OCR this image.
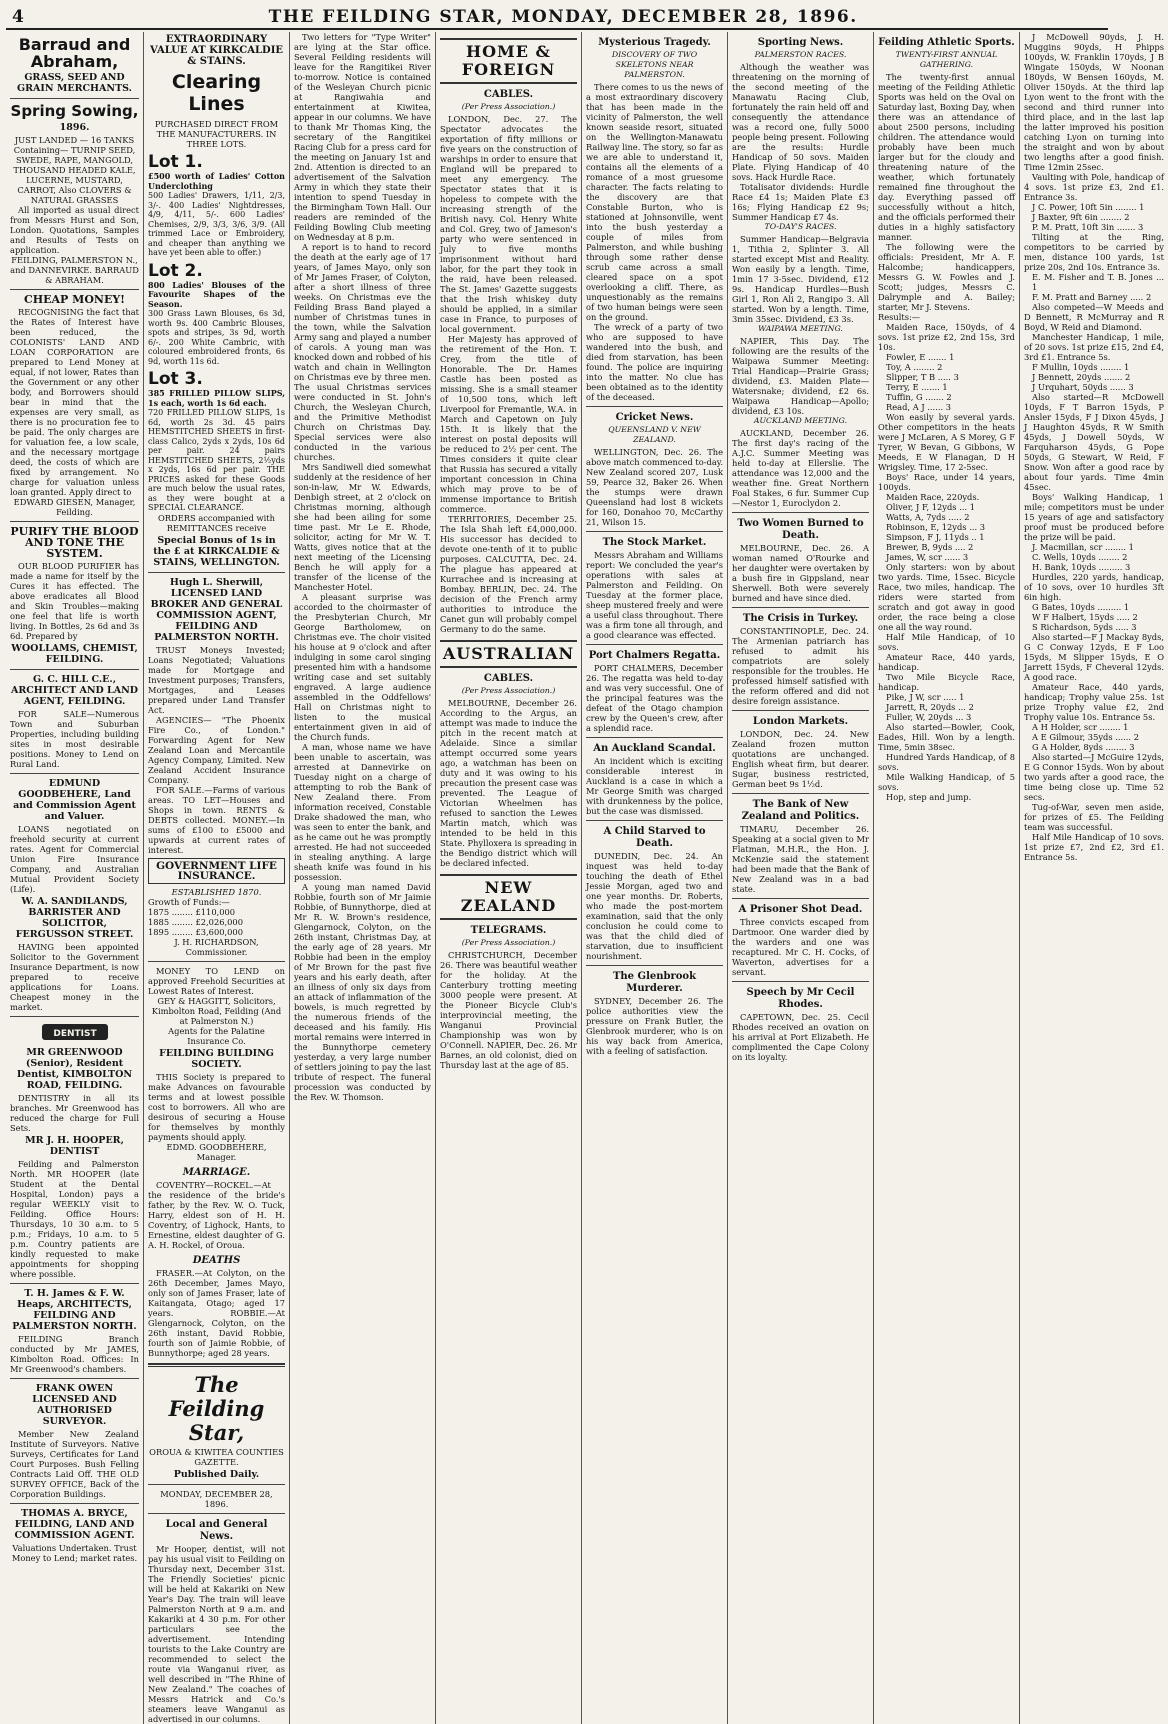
4	THE FEILDING STAR, MONDAY, DECEMBER 28, 1896.
Barraud and Abraham,
GRASS, SEED AND GRAIN MERCHANTS.
Spring Sowing,
1896.
JUST LANDED — 16 TANKS Containing— TURNIP SEED, SWEDE, RAPE, MANGOLD, THOUSAND HEADED KALE, LUCERNE, MUSTARD, CARROT, Also CLOVERS & NATURAL GRASSES
All imported as usual direct from Messrs Hurst and Son, London. Quotations, Samples and Results of Tests on application.
FEILDING, PALMERSTON N., and DANNEVIRKE. BARRAUD & ABRAHAM.
CHEAP MONEY!
RECOGNISING the fact that the Rates of Interest have been reduced, the COLONISTS' LAND AND LOAN CORPORATION are prepared to Lend Money at equal, if not lower, Rates than the Government or any other body, and Borrowers should bear in mind that the expenses are very small, as there is no procuration fee to be paid. The only charges are for valuation fee, a low scale, and the necessary mortgage deed, the costs of which are fixed by arrangement. No charge for valuation unless loan granted. Apply direct to
EDWARD GIESEN, Manager, Feilding.
PURIFY THE BLOOD AND TONE THE SYSTEM.
OUR BLOOD PURIFIER has made a name for itself by the Cures it has effected. The above eradicates all Blood and Skin Troubles—making one feel that life is worth living. In Bottles, 2s 6d and 3s 6d. Prepared by
WOOLLAMS, CHEMIST, FEILDING.
G. C. HILL C.E., ARCHITECT AND LAND AGENT, FEILDING.
FOR SALE—Numerous Town and Suburban Properties, including building sites in most desirable positions. Money to Lend on Rural Land.
EDMUND GOODBEHERE, Land and Commission Agent and Valuer.
LOANS negotiated on freehold security at current rates. Agent for Commercial Union Fire Insurance Company, and Australian Mutual Provident Society (Life).
W. A. SANDILANDS, BARRISTER AND SOLICITOR, FERGUSSON STREET.
HAVING been appointed Solicitor to the Government Insurance Department, is now prepared to receive applications for Loans. Cheapest money in the market.
DENTIST
MR GREENWOOD (Senior), Resident Dentist, KIMBOLTON ROAD, FEILDING.
DENTISTRY in all its branches. Mr Greenwood has reduced the charge for Full Sets.
MR J. H. HOOPER, DENTIST
Feilding and Palmerston North. MR HOOPER (late Student at the Dental Hospital, London) pays a regular WEEKLY visit to Feilding. Office Hours: Thursdays, 10 30 a.m. to 5 p.m.; Fridays, 10 a.m. to 5 p.m. Country patients are kindly requested to make appointments for shopping where possible.
T. H. James & F. W. Heaps, ARCHITECTS, FEILDING AND PALMERSTON NORTH.
FEILDING Branch conducted by Mr JAMES, Kimbolton Road. Offices: In Mr Greenwood's chambers.
FRANK OWEN LICENSED AND AUTHORISED SURVEYOR.
Member New Zealand Institute of Surveyors. Native Surveys, Certificates for Land Court Purposes. Bush Felling Contracts Laid Off. THE OLD SURVEY OFFICE, Back of the Corporation Buildings.
THOMAS A. BRYCE, FEILDING, LAND AND COMMISSION AGENT.
Valuations Undertaken. Trust Money to Lend; market rates.
EXTRAORDINARY VALUE AT KIRKCALDIE & STAINS.
Clearing Lines
PURCHASED DIRECT FROM THE MANUFACTURERS. IN THREE LOTS.
Lot 1.
£500 worth of Ladies' Cotton Underclothing
500 Ladies' Drawers, 1/11, 2/3, 3/-. 400 Ladies' Nightdresses, 4/9, 4/11, 5/-. 600 Ladies' Chemises, 2/9, 3/3, 3/6, 3/9. (All trimmed Lace or Embroidery, and cheaper than anything we have yet been able to offer.)
Lot 2.
800 Ladies' Blouses of the Favourite Shapes of the Season.
300 Grass Lawn Blouses, 6s 3d, worth 9s. 400 Cambric Blouses, spots and stripes, 3s 9d, worth 6/-. 200 White Cambric, with coloured embroidered fronts, 6s 9d, worth 11s 6d.
Lot 3.
385 FRILLED PILLOW SLIPS, 1s each, worth 1s 6d each.
720 FRILLED PILLOW SLIPS, 1s 6d, worth 2s 3d. 45 pairs HEMSTITCHED SHEETS in first-class Calico, 2yds x 2yds, 10s 6d per pair. 24 pairs HEMSTITCHED SHEETS, 2½yds x 2yds, 16s 6d per pair. THE PRICES asked for these Goods are much below the usual rates, as they were bought at a SPECIAL CLEARANCE.
ORDERS accompanied with REMITTANCES receive
Special Bonus of 1s in the £ at KIRKCALDIE & STAINS, WELLINGTON.
Hugh L. Sherwill, LICENSED LAND BROKER AND GENERAL COMMISSION AGENT, FEILDING AND PALMERSTON NORTH.
TRUST Moneys Invested; Loans Negotiated; Valuations made for Mortgage and Investment purposes; Transfers, Mortgages, and Leases prepared under Land Transfer Act.
AGENCIES— "The Phoenix Fire Co., of London." Forwarding Agent for New Zealand Loan and Mercantile Agency Company, Limited. New Zealand Accident Insurance Company.
FOR SALE.—Farms of various areas. TO LET—Houses and Shops in town. RENTS & DEBTS collected. MONEY.—In sums of £100 to £5000 and upwards at current rates of interest.
GOVERNMENT LIFE INSURANCE.
ESTABLISHED 1870.
Growth of Funds:—
1875 ........ £110,000
1885 ........ £2,026,000
1895 ........ £3,600,000
J. H. RICHARDSON, Commissioner.
MONEY TO LEND on approved Freehold Securities at Lowest Rates of Interest.
GEY & HAGGITT, Solicitors, Kimbolton Road, Feilding (And at Palmerston N.)
Agents for the Palatine Insurance Co.
FEILDING BUILDING SOCIETY.
THIS Society is prepared to make Advances on favourable terms and at lowest possible cost to borrowers. All who are desirous of securing a House for themselves by monthly payments should apply.
EDMD. GOODBEHERE, Manager.
MARRIAGE.
COVENTRY—ROCKEL.—At the residence of the bride's father, by the Rev. W. O. Tuck, Harry, eldest son of H. H. Coventry, of Lighock, Hants, to Ernestine, eldest daughter of G. A. H. Rockel, of Oroua.
DEATHS
FRASER.—At Colyton, on the 26th December, James Mayo, only son of James Fraser, late of Kaitangata, Otago; aged 17 years. ROBBIE.—At Glengarnock, Colyton, on the 26th instant, David Robbie, fourth son of Jaimie Robbie, of Bunnythorpe; aged 28 years.
The Feilding Star,
OROUA & KIWITEA COUNTIES GAZETTE.
Published Daily.
MONDAY, DECEMBER 28, 1896.
Local and General News.
Mr Hooper, dentist, will not pay his usual visit to Feilding on Thursday next, December 31st. The Friendly Societies' picnic will be held at Kakariki on New Year's Day. The train will leave Palmerston North at 9 a.m. and Kakariki at 4 30 p.m. For other particulars see the advertisement. Intending tourists to the Lake Country are recommended to select the route via Wanganui river, as well described in "The Rhine of New Zealand." The coaches of Messrs Hatrick and Co.'s steamers leave Wanganui as advertised in our columns.
Two letters for "Type Writer" are lying at the Star office. Several Feilding residents will leave for the Rangitikei River to-morrow. Notice is contained of the Wesleyan Church picnic at Rangiwahia and entertainment at Kiwitea, appear in our columns. We have to thank Mr Thomas King, the secretary of the Rangitikei Racing Club for a press card for the meeting on January 1st and 2nd. Attention is directed to an advertisement of the Salvation Army in which they state their intention to spend Tuesday in the Birmingham Town Hall. Our readers are reminded of the Feilding Bowling Club meeting on Wednesday at 8 p.m.
A report is to hand to record the death at the early age of 17 years, of James Mayo, only son of Mr James Fraser, of Colyton, after a short illness of three weeks. On Christmas eve the Feilding Brass Band played a number of Christmas tunes in the town, while the Salvation Army sang and played a number of carols. A young man was knocked down and robbed of his watch and chain in Wellington on Christmas eve by three men. The usual Christmas services were conducted in St. John's Church, the Wesleyan Church, and the Primitive Methodist Church on Christmas Day. Special services were also conducted in the various churches.
Mrs Sandiwell died somewhat suddenly at the residence of her son-in-law, Mr W. Edwards, Denbigh street, at 2 o'clock on Christmas morning, although she had been ailing for some time past. Mr Le E. Rhode, solicitor, acting for Mr W. T. Watts, gives notice that at the next meeting of the Licensing Bench he will apply for a transfer of the license of the Manchester Hotel.
A pleasant surprise was accorded to the choirmaster of the Presbyterian Church, Mr George Bartholomew, on Christmas eve. The choir visited his house at 9 o'clock and after indulging in some carol singing presented him with a handsome writing case and set suitably engraved. A large audience assembled in the Oddfellows' Hall on Christmas night to listen to the musical entertainment given in aid of the Church funds.
A man, whose name we have been unable to ascertain, was arrested at Dannevirke on Tuesday night on a charge of attempting to rob the Bank of New Zealand there. From information received, Constable Drake shadowed the man, who was seen to enter the bank, and as he came out he was promptly arrested. He had not succeeded in stealing anything. A large sheath knife was found in his possession.
A young man named David Robbie, fourth son of Mr Jaimie Robbie, of Bunnythorpe, died at Mr R. W. Brown's residence, Glengarnock, Colyton, on the 26th instant, Christmas Day, at the early age of 28 years. Mr Robbie had been in the employ of Mr Brown for the past five years and his early death, after an illness of only six days from an attack of inflammation of the bowels, is much regretted by the numerous friends of the deceased and his family. His mortal remains were interred in the Bunnythorpe cemetery yesterday, a very large number of settlers joining to pay the last tribute of respect. The funeral procession was conducted by the Rev. W. Thomson.
HOME & FOREIGN
CABLES.
(Per Press Association.)
LONDON, Dec. 27. The Spectator advocates the exportation of fifty millions or five years on the construction of warships in order to ensure that England will be prepared to meet any emergency. The Spectator states that it is hopeless to compete with the increasing strength of the British navy. Col. Henry White and Col. Grey, two of Jameson's party who were sentenced in July to five months imprisonment without hard labor, for the part they took in the raid, have been released. The St. James' Gazette suggests that the Irish whiskey duty should be applied, in a similar case in France, to purposes of local government.
Her Majesty has approved of the retirement of the Hon. T. Crey, from the title of Honorable. The Dr. Hames Castle has been posted as missing. She is a small steamer of 10,500 tons, which left Liverpool for Fremantle, W.A. in March and Capetown on July 15th. It is likely that the interest on postal deposits will be reduced to 2½ per cent. The Times considers it quite clear that Russia has secured a vitally important concession in China which may prove to be of immense importance to British commerce.
TERRITORIES, December 25. The Isla Shah left £4,000,000. His successor has decided to devote one-tenth of it to public purposes. CALCUTTA, Dec. 24. The plague has appeared at Kurrachee and is increasing at Bombay. BERLIN, Dec. 24. The decision of the French army authorities to introduce the Canet gun will probably compel Germany to do the same.
AUSTRALIAN
CABLES.
(Per Press Association.)
MELBOURNE, December 26. According to the Argus, an attempt was made to induce the pitch in the recent match at Adelaide. Since a similar attempt occurred some years ago, a watchman has been on duty and it was owing to his precaution the present case was prevented. The League of Victorian Wheelmen has refused to sanction the Lewes Martin match, which was intended to be held in this State. Phylloxera is spreading in the Bendigo district which will be declared infected.
NEW ZEALAND
TELEGRAMS.
(Per Press Association.)
CHRISTCHURCH, December 26. There was beautiful weather for the holiday. At the Canterbury trotting meeting 3000 people were present. At the Pioneer Bicycle Club's interprovincial meeting, the Wanganui Provincial Championship was won by O'Connell. NAPIER, Dec. 26. Mr Barnes, an old colonist, died on Thursday last at the age of 85.
Mysterious Tragedy.
DISCOVERY OF TWO SKELETONS NEAR PALMERSTON.
There comes to us the news of a most extraordinary discovery that has been made in the vicinity of Palmerston, the well known seaside resort, situated on the Wellington-Manawatu Railway line. The story, so far as we are able to understand it, contains all the elements of a romance of a most gruesome character. The facts relating to the discovery are that Constable Burton, who is stationed at Johnsonville, went into the bush yesterday a couple of miles from Palmerston, and while bushing through some rather dense scrub came across a small cleared space on a spot overlooking a cliff. There, as unquestionably as the remains of two human beings were seen on the ground.
The wreck of a party of two who are supposed to have wandered into the bush, and died from starvation, has been found. The police are inquiring into the matter. No clue has been obtained as to the identity of the deceased.
Cricket News.
QUEENSLAND V. NEW ZEALAND.
WELLINGTON, Dec. 26. The above match commenced to-day. New Zealand scored 207, Lusk 59, Pearce 32, Baker 26. When the stumps were drawn Queensland had lost 8 wickets for 160, Donahoo 70, McCarthy 21, Wilson 15.
The Stock Market.
Messrs Abraham and Williams report: We concluded the year's operations with sales at Palmerston and Feilding. On Tuesday at the former place, sheep mustered freely and were a useful class throughout. There was a firm tone all through, and a good clearance was effected.
Port Chalmers Regatta.
PORT CHALMERS, December 26. The regatta was held to-day and was very successful. One of the principal features was the defeat of the Otago champion crew by the Queen's crew, after a splendid race.
An Auckland Scandal.
An incident which is exciting considerable interest in Auckland is a case in which a Mr George Smith was charged with drunkenness by the police, but the case was dismissed.
A Child Starved to Death.
DUNEDIN, Dec. 24. An inquest was held to-day touching the death of Ethel Jessie Morgan, aged two and one year months. Dr. Roberts, who made the post-mortem examination, said that the only conclusion he could come to was that the child died of starvation, due to insufficient nourishment.
The Glenbrook Murderer.
SYDNEY, December 26. The police authorities view the pressure on Frank Butler, the Glenbrook murderer, who is on his way back from America, with a feeling of satisfaction.
Sporting News.
PALMERSTON RACES.
Although the weather was threatening on the morning of the second meeting of the Manawatu Racing Club, fortunately the rain held off and consequently the attendance was a record one, fully 5000 people being present. Following are the results: Hurdle Handicap of 50 sovs. Maiden Plate. Flying Handicap of 40 sovs. Hack Hurdle Race.
Totalisator dividends: Hurdle Race £4 1s; Maiden Plate £3 16s; Flying Handicap £2 9s; Summer Handicap £7 4s.
TO-DAY'S RACES.
Summer Handicap—Belgravia 1, Tithia 2, Splinter 3. All started except Mist and Reality. Won easily by a length. Time, 1min 17 3-5sec. Dividend, £12 9s. Handicap Hurdles—Bush Girl 1, Ron Ali 2, Rangipo 3. All started. Won by a length. Time, 3min 35sec. Dividend, £3 3s.
WAIPAWA MEETING.
NAPIER, This Day. The following are the results of the Waipawa Summer Meeting: Trial Handicap—Prairie Grass; dividend, £3. Maiden Plate—Watersnake; dividend, £2 6s. Waipawa Handicap—Apollo; dividend, £3 10s.
AUCKLAND MEETING.
AUCKLAND, December 26. The first day's racing of the A.J.C. Summer Meeting was held to-day at Ellerslie. The attendance was 12,000 and the weather fine. Great Northern Foal Stakes, 6 fur. Summer Cup—Nestor 1, Euroclydon 2.
Two Women Burned to Death.
MELBOURNE, Dec. 26. A woman named O'Rourke and her daughter were overtaken by a bush fire in Gippsland, near Sherwell. Both were severely burned and have since died.
The Crisis in Turkey.
CONSTANTINOPLE, Dec. 24. The Armenian patriarch has refused to admit his compatriots are solely responsible for the troubles. He professed himself satisfied with the reform offered and did not desire foreign assistance.
London Markets.
LONDON, Dec. 24. New Zealand frozen mutton quotations are unchanged. English wheat firm, but dearer. Sugar, business restricted, German beet 9s 1½d.
The Bank of New Zealand and Politics.
TIMARU, December 26. Speaking at a social given to Mr Flatman, M.H.R., the Hon. J. McKenzie said the statement had been made that the Bank of New Zealand was in a bad state.
A Prisoner Shot Dead.
Three convicts escaped from Dartmoor. One warder died by the warders and one was recaptured. Mr C. H. Cocks, of Waverton, advertises for a servant.
Speech by Mr Cecil Rhodes.
CAPETOWN, Dec. 25. Cecil Rhodes received an ovation on his arrival at Port Elizabeth. He complimented the Cape Colony on its loyalty.
Feilding Athletic Sports.
TWENTY-FIRST ANNUAL GATHERING.
The twenty-first annual meeting of the Feilding Athletic Sports was held on the Oval on Saturday last, Boxing Day, when there was an attendance of about 2500 persons, including children. The attendance would probably have been much larger but for the cloudy and threatening nature of the weather, which fortunately remained fine throughout the day. Everything passed off successfully without a hitch, and the officials performed their duties in a highly satisfactory manner.
The following were the officials: President, Mr A. F. Halcombe; handicappers, Messrs G. W. Fowles and J. Scott; judges, Messrs C. Dalrymple and A. Bailey; starter, Mr J. Stevens.
Results:—
Maiden Race, 150yds, of 4 sovs. 1st prize £2, 2nd 15s, 3rd 10s.
Fowler, E ....... 1
Toy, A ........ 2
Slipper, T B ..... 3
Terry, E ....... 1
Tuffin, G ....... 2
Read, A J ...... 3
Won easily by several yards. Other competitors in the heats were J McLaren, A S Morey, G F Tyrer, W Bevan, G Gibbons, W Meeds, E W Flanagan, D H Wrigsley. Time, 17 2-5sec.
Boys' Race, under 14 years, 100yds.
Maiden Race, 220yds.
Oliver, J F, 12yds ... 1
Watts, A, 7yds ..... 2
Robinson, E, 12yds ... 3
Simpson, F J, 11yds .. 1
Brewer, B, 9yds .... 2
James, W, scr ...... 3
Only starters: won by about two yards. Time, 15sec. Bicycle Race, two miles, handicap. The riders were started from scratch and got away in good order, the race being a close one all the way round.
Half Mile Handicap, of 10 sovs.
Amateur Race, 440 yards, handicap.
Two Mile Bicycle Race, handicap.
Pike, J W, scr ..... 1
Jarrett, R, 20yds ... 2
Fuller, W, 20yds ... 3
Also started—Bowler, Cook, Eades, Hill. Won by a length. Time, 5min 38sec.
Hundred Yards Handicap, of 8 sovs.
Mile Walking Handicap, of 5 sovs.
Hop, step and jump.
J McDowell 90yds, J. H. Muggins 90yds, H Phipps 100yds, W. Franklin 170yds, J B Wingate 150yds, W Noonan 180yds, W Bensen 160yds, M. Oliver 150yds. At the third lap Lyon went to the front with the second and third runner into third place, and in the last lap the latter improved his position catching Lyon on turning into the straight and won by about two lengths after a good finish. Time 12min 25sec.
Vaulting with Pole, handicap of 4 sovs. 1st prize £3, 2nd £1. Entrance 3s.
J C. Power, 10ft 5in ........ 1
J Baxter, 9ft 6in ........ 2
P. M. Pratt, 10ft 3in ....... 3
Tilting at the Ring, competitors to be carried by men, distance 100 yards, 1st prize 20s, 2nd 10s. Entrance 3s.
E. M. Fisher and T. B. Jones ... 1
F. M. Pratt and Barney ..... 2
Also competed—W Meeds and D Bennett, R McMurray and R Boyd, W Reid and Diamond.
Manchester Handicap, 1 mile, of 20 sovs. 1st prize £15, 2nd £4, 3rd £1. Entrance 5s.
F Mullin, 10yds ........ 1
J Bennett, 20yds ....... 2
J Urquhart, 50yds ...... 3
Also started—R McDowell 10yds, F T Barron 15yds, P Ansler 15yds, F J Dixon 45yds, J J Haughton 45yds, R W Smith 45yds, J Dowell 50yds, W Farquharson 45yds, G Pope 50yds, G Stewart, W Reid, F Snow. Won after a good race by about four yards. Time 4min 45sec.
Boys' Walking Handicap, 1 mile; competitors must be under 15 years of age and satisfactory proof must be produced before the prize will be paid.
J. Macmillan, scr ........ 1
C. Wells, 10yds ........ 2
H. Bank, 10yds ......... 3
Hurdles, 220 yards, handicap, of 10 sovs, over 10 hurdles 3ft 6in high.
G Bates, 10yds ......... 1
W F Halbert, 15yds ..... 2
S Richardson, 5yds ..... 3
Also started—F J Mackay 8yds, G C Conway 12yds, E F Loo 15yds, M Slipper 15yds, E O Jarrett 15yds, F Cheveral 12yds. A good race.
Amateur Race, 440 yards, handicap; Trophy value 25s. 1st prize Trophy value £2, 2nd Trophy value 10s. Entrance 5s.
A H Holder, scr ........ 1
A E Gilmour, 35yds ...... 2
G A Holder, 8yds ........ 3
Also started—J McGuire 12yds, E G Connor 15yds. Won by about two yards after a good race, the time being close up. Time 52 secs.
Tug-of-War, seven men aside, for prizes of £5. The Feilding team was successful.
Half Mile Handicap of 10 sovs. 1st prize £7, 2nd £2, 3rd £1. Entrance 5s.
